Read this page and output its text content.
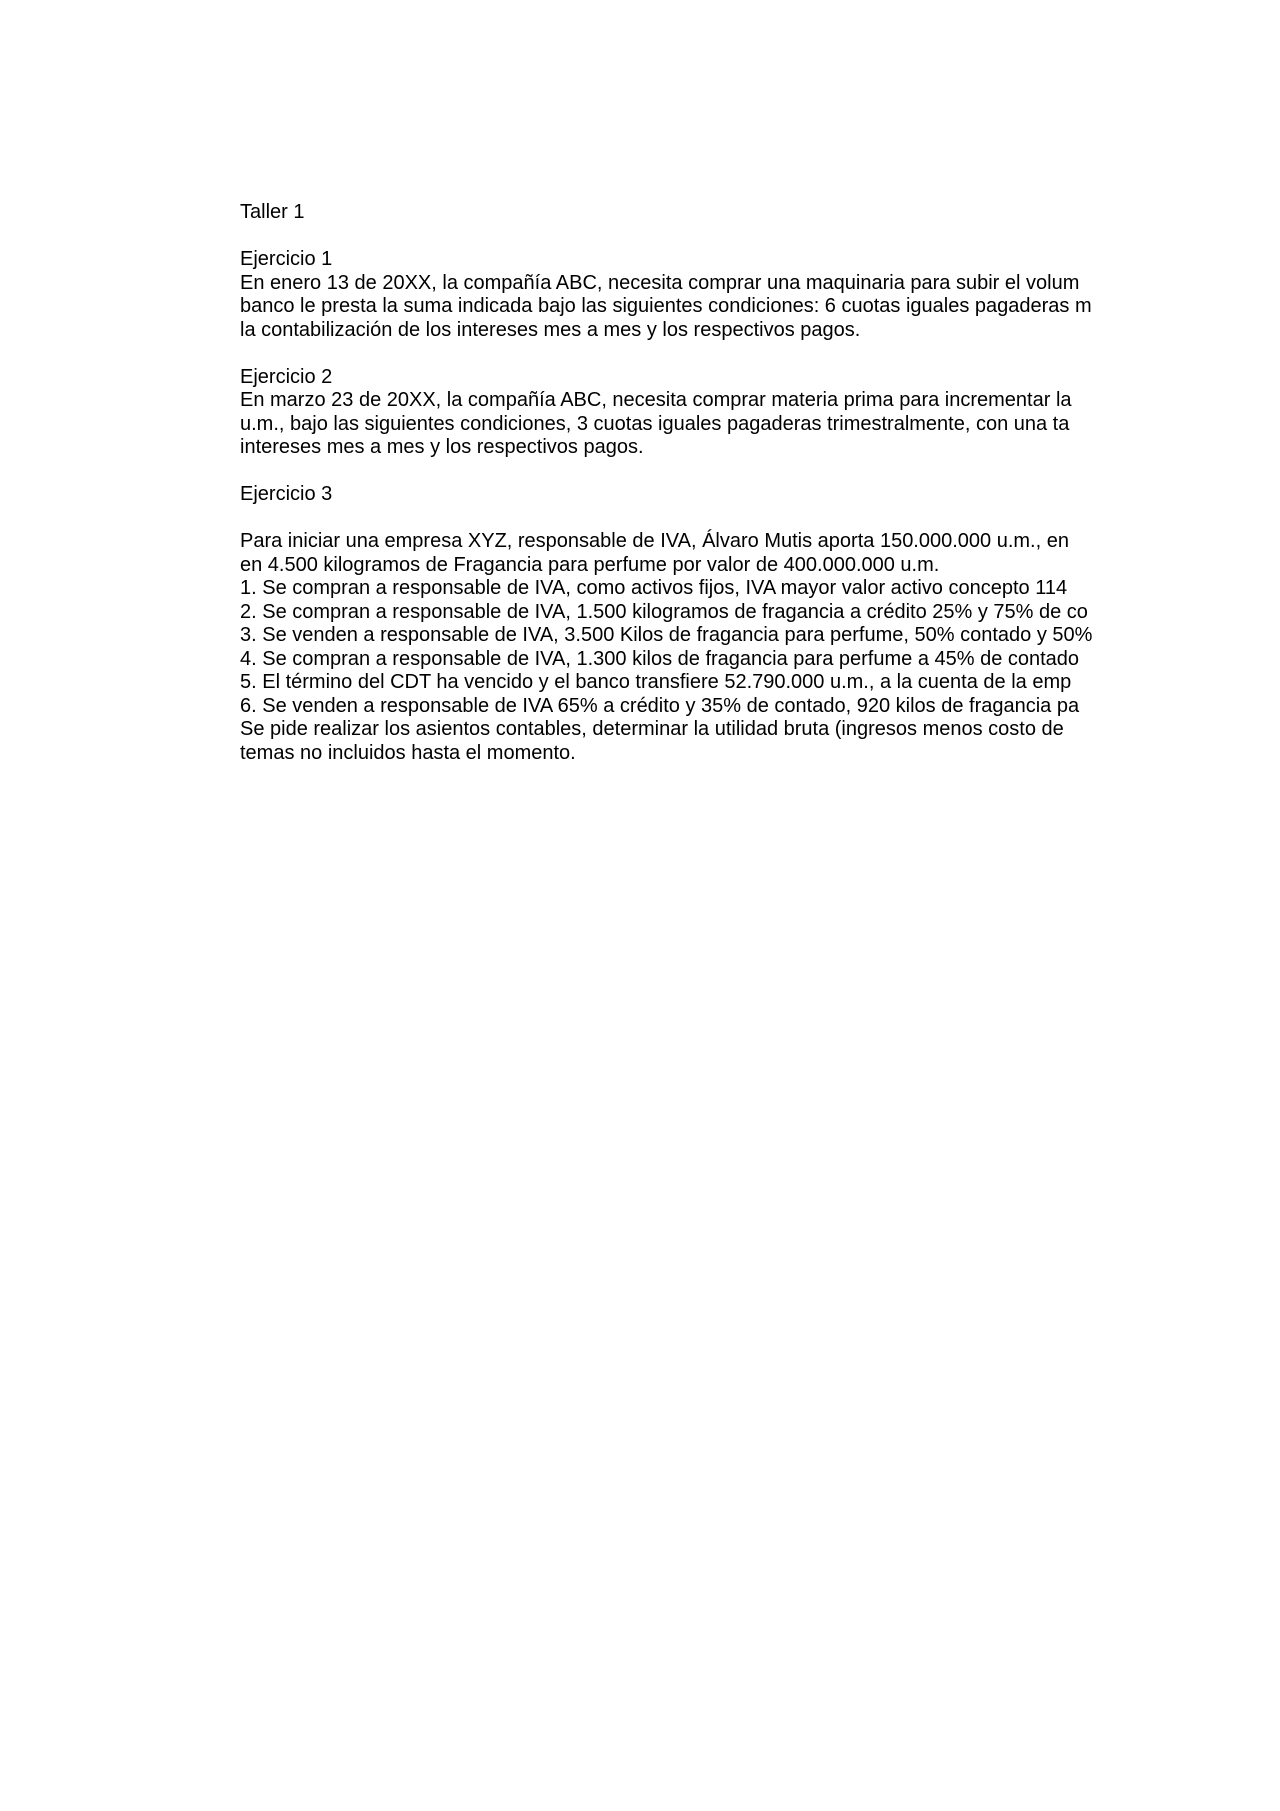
Taller 1
Ejercicio 1
En enero 13 de 20XX, la compañía ABC, necesita comprar una maquinaria para subir el volum
banco le presta la suma indicada bajo las siguientes condiciones: 6 cuotas iguales pagaderas m
la contabilización de los intereses mes a mes y los respectivos pagos.
Ejercicio 2
En marzo 23 de 20XX, la compañía ABC, necesita comprar materia prima para incrementar la
u.m., bajo las siguientes condiciones, 3 cuotas iguales pagaderas trimestralmente, con una ta
intereses mes a mes y los respectivos pagos.
Ejercicio 3
Para iniciar una empresa XYZ, responsable de IVA, Álvaro Mutis aporta 150.000.000 u.m., en
en 4.500 kilogramos de Fragancia para perfume por valor de 400.000.000 u.m.
1. Se compran a responsable de IVA, como activos fijos, IVA mayor valor activo concepto 114
2. Se compran a responsable de IVA, 1.500 kilogramos de fragancia a crédito 25% y 75% de co
3. Se venden a responsable de IVA, 3.500 Kilos de fragancia para perfume, 50% contado y 50%
4. Se compran a responsable de IVA, 1.300 kilos de fragancia para perfume a 45% de contado
5. El término del CDT ha vencido y el banco transfiere 52.790.000 u.m., a la cuenta de la emp
6. Se venden a responsable de IVA 65% a crédito y 35% de contado, 920 kilos de fragancia pa
Se pide realizar los asientos contables, determinar la utilidad bruta (ingresos menos costo de
temas no incluidos hasta el momento.
